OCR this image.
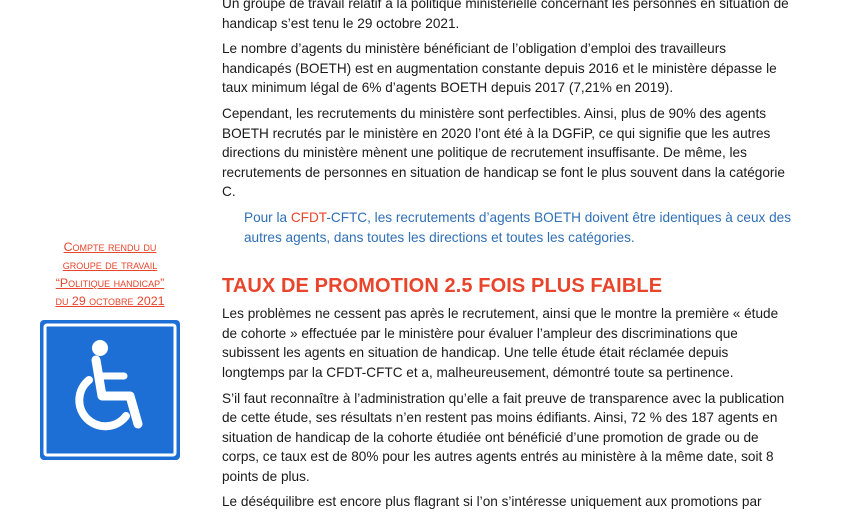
Un groupe de travail relatif à la politique ministérielle concernant les personnes en situation de handicap s’est tenu le 29 octobre 2021.

Le nombre d’agents du ministère bénéficiant de l’obligation d’emploi des travailleurs handicapés (BOETH) est en augmentation constante depuis 2016 et le ministère dépasse le taux minimum légal de 6% d’agents BOETH depuis 2017 (7,21% en 2019).

Cependant, les recrutements du ministère sont perfectibles. Ainsi, plus de 90% des agents BOETH recrutés par le ministère en 2020 l’ont été à la DGFiP, ce qui signifie que les autres directions du ministère mènent une politique de recrutement insuffisante. De même, les recrutements de personnes en situation de handicap se font le plus souvent dans la catégorie C.

Pour la CFDT-CFTC, les recrutements d’agents BOETH doivent être identiques à ceux des autres agents, dans toutes les directions et toutes les catégories.

TAUX DE PROMOTION 2.5 FOIS PLUS FAIBLE

Les problèmes ne cessent pas après le recrutement, ainsi que le montre la première « étude de cohorte » effectuée par le ministère pour évaluer l’ampleur des discriminations que subissent les agents en situation de handicap. Une telle étude était réclamée depuis longtemps par la CFDT-CFTC et a, malheureusement, démontré toute sa pertinence.

S’il faut reconnaître à l’administration qu’elle a fait preuve de transparence avec la publication de cette étude, ses résultats n’en restent pas moins édifiants. Ainsi, 72 % des 187 agents en situation de handicap de la cohorte étudiée ont bénéficié d’une promotion de grade ou de corps, ce taux est de 80% pour les autres agents entrés au ministère à la même date, soit 8 points de plus.

Le déséquilibre est encore plus flagrant si l’on s’intéresse uniquement aux promotions par

Compte rendu du
groupe de travail
“Politique handicap”
du 29 octobre 2021
